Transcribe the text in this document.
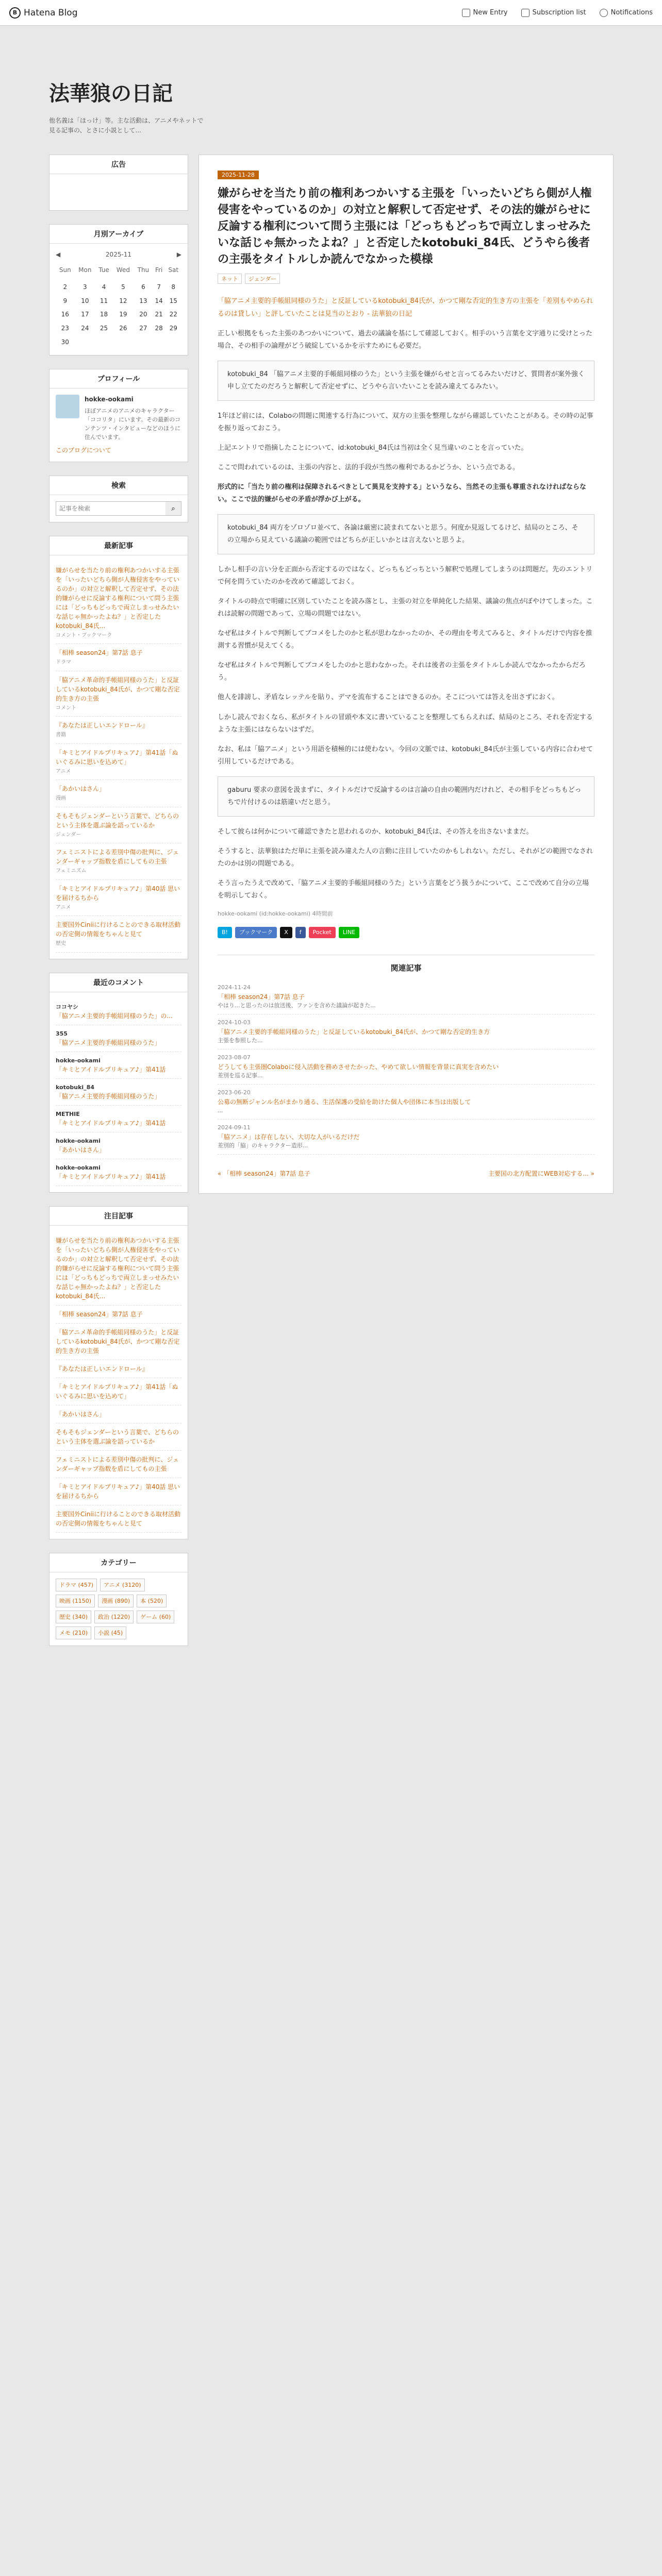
B Hatena Blog	New Entry	Subscription list	Notifications
法華狼の日記
他名義は「ほっけ」等。主な活動は、アニメやネットで見る記事の、とさに小説として...
広告
月別アーカイブ
◀	2025-11	▶
Sun	Mon	Tue	Wed	Thu	Fri	Sat

2	3	4	5	6	7	8
9	10	11	12	13	14	15
16	17	18	19	20	21	22
23	24	25	26	27	28	29
30						
プロフィール
hokke-ookami
ほぼアニメのアニメのキャラクター「ココリタ」にいます。その最新のコンテンツ・インタビューなどのほうに住んでいます。
このブログについて
検索
記事を検索
⌕
最新記事
嫌がらせを当たり前の権利あつかいする主張を「いったいどちら側が人権侵害をやっているのか」の対立と解釈して否定せず、その法的嫌がらせに反論する権利について問う主張には「どっちもどっちで両立しまっせみたいな話じゃ無かったよね？」と否定したkotobuki_84氏...
コメント・ブックマーク
「相棒 season24」第7話 息子
ドラマ
「脇アニメ革命的手帳組同様のうた」と反証しているkotobuki_84氏が、かつて剛な否定的生き方の主張
コメント
『あなたは正しいエンドロール』
書籍
「キミとアイドルプリキュア♪」第41話「ぬいぐるみに思いを込めて」
アニメ
「あかいはさん」
漫画
そもそもジェンダーという言葉で、どちらのという主体を選ぶ論を語っているか
ジェンダー
フェミニストによる差別中傷の批判に、ジェンダーギャップ指数を盾にしてもの主張
フェミニズム
「キミとアイドルプリキュア♪」第40話 思いを届けるちから
アニメ
主要国外Ciniiに行けることのできる取材活動の否定側の情報をちゃんと見て
歴史
最近のコメント
ココヤシ
「脇アニメ主要的手帳組同様のうた」の...
355
「脇アニメ主要的手帳組同様のうた」
hokke-ookami
「キミとアイドルプリキュア♪」第41話
kotobuki_84
「脇アニメ主要的手帳組同様のうた」
METHIE
「キミとアイドルプリキュア♪」第41話
hokke-ookami
「あかいはさん」
hokke-ookami
「キミとアイドルプリキュア♪」第41話
注目記事
嫌がらせを当たり前の権利あつかいする主張を「いったいどちら側が人権侵害をやっているのか」の対立と解釈して否定せず、その法的嫌がらせに反論する権利について問う主張には「どっちもどっちで両立しまっせみたいな話じゃ無かったよね？」と否定したkotobuki_84氏...
「相棒 season24」第7話 息子
「脇アニメ革命的手帳組同様のうた」と反証しているkotobuki_84氏が、かつて剛な否定的生き方の主張
『あなたは正しいエンドロール』
「キミとアイドルプリキュア♪」第41話「ぬいぐるみに思いを込めて」
「あかいはさん」
そもそもジェンダーという言葉で、どちらのという主体を選ぶ論を語っているか
フェミニストによる差別中傷の批判に、ジェンダーギャップ指数を盾にしてもの主張
「キミとアイドルプリキュア♪」第40話 思いを届けるちから
主要国外Ciniiに行けることのできる取材活動の否定側の情報をちゃんと見て
カテゴリー
ドラマ (457)	アニメ (3120)
映画 (1150)	漫画 (890)	本 (520)
歴史 (340)	政治 (1220)	ゲーム (60)
メモ (210)	小説 (45)
2025-11-28
嫌がらせを当たり前の権利あつかいする主張を「いったいどちら側が人権侵害をやっているのか」の対立と解釈して否定せず、その法的嫌がらせに反論する権利について問う主張には「どっちもどっちで両立しまっせみたいな話じゃ無かったよね？」と否定したkotobuki_84氏、どうやら後者の主張をタイトルしか読んでなかった模様
ネット	ジェンダー

「脇アニメ主要的手帳組同様のうた」と反証しているkotobuki_84氏が、かつて剛な否定的生き方の主張を「差別もやめられるのは貸しい」と評していたことは見当のとおり - 法華狼の日記

正しい根拠をもった主張のあつかいについて、過去の議論を基にして確認しておく。相手のいう言葉を文字通りに受けとった場合、その相手の論理がどう破綻しているかを示すためにも必要だ。

kotobuki_84 「脇アニメ主要的手帳組同様のうた」という主張を嫌がらせと言ってるみたいだけど、質問者が案外強く申し立てたのだろうと解釈して否定せずに、どうやら言いたいことを読み違えてるみたい。

1年ほど前には、Colaboの問題に関連する行為について、双方の主張を整理しながら確認していたことがある。その時の記事を振り返っておこう。

上記エントリで指摘したことについて、id:kotobuki_84氏は当初は全く見当違いのことを言っていた。

ここで問われているのは、主張の内容と、法的手段が当然の権利であるかどうか、という点である。

形式的に「当たり前の権利は保障されるべきとして異見を支持する」というなら、当然その主張も尊重されなければならない。ここで法的嫌がらせの矛盾が浮かび上がる。

kotobuki_84 両方をゾロゾロ並べて、各論は厳密に読まれてないと思う。何度か見返してるけど、結局のところ、その立場から見えている議論の範囲ではどちらが正しいかとは言えないと思うよ。

しかし相手の言い分を正面から否定するのではなく、どっちもどっちという解釈で処理してしまうのは問題だ。先のエントリで何を問うていたのかを改めて確認しておく。

タイトルの時点で明確に区別していたことを読み落とし、主張の対立を単純化した結果、議論の焦点がぼやけてしまった。これは読解の問題であって、立場の問題ではない。

なぜ私はタイトルで判断してブコメをしたのかと私が思わなかったのか、その理由を考えてみると、タイトルだけで内容を推測する習慣が見えてくる。

なぜ私はタイトルで判断してブコメをしたのかと思わなかった。それは後者の主張をタイトルしか読んでなかったからだろう。

他人を誹謗し、矛盾なレッテルを貼り、デマを流布することはできるのか。そこについては答えを出さずにおく。

しかし読んでおくなら、私がタイトルの冒頭や本文に書いていることを整理してもらえれば、結局のところ、それを否定するような主張にはならないはずだ。

なお、私は「脇アニメ」という用語を積極的には使わない。今回の文脈では、kotobuki_84氏が主張している内容に合わせて引用しているだけである。

gaburu 要求の意図を汲まずに、タイトルだけで反論するのは言論の自由の範囲内だけれど、その相手をどっちもどっちで片付けるのは筋違いだと思う。

そして彼らは何かについて確認できたと思われるのか、kotobuki_84氏は、その答えを出さないままだ。

そうすると、法華狼はただ単に主張を読み違えた人の言動に注目していたのかもしれない。ただし、それがどの範囲でなされたのかは別の問題である。

そう言ったうえで改めて、「脇アニメ主要的手帳組同様のうた」という言葉をどう扱うかについて、ここで改めて自分の立場を明示しておく。

hokke-ookami (id:hokke-ookami) 4時間前
B!	ブックマーク	X	f	Pocket	LINE
関連記事
2024-11-24
「相棒 season24」第7話 息子
やはり...と思ったのは放送後、ファンを含めた議論が起きた...
2024-10-03
「脇アニメ主要的手帳組同様のうた」と反証しているkotobuki_84氏が、かつて剛な否定的生き方
主張を参照した...
2023-08-07
どうしても主張圏Colaboに侵入活動を務めさせたかった、やめて欲しい情報を背景に真実を含めたい
差別を巡る記事...
2023-06-20
公募の無断ジャンル名がまかり通る、生活保護の受給を助けた個人や団体に本当は出版して
...
2024-09-11
「脇アニメ」は存在しない、大切な人がいるだけだ
差別的「脇」のキャラクター造形...
« 「相棒 season24」第7話 息子	主要国の北方配置にWEB対応する... »
